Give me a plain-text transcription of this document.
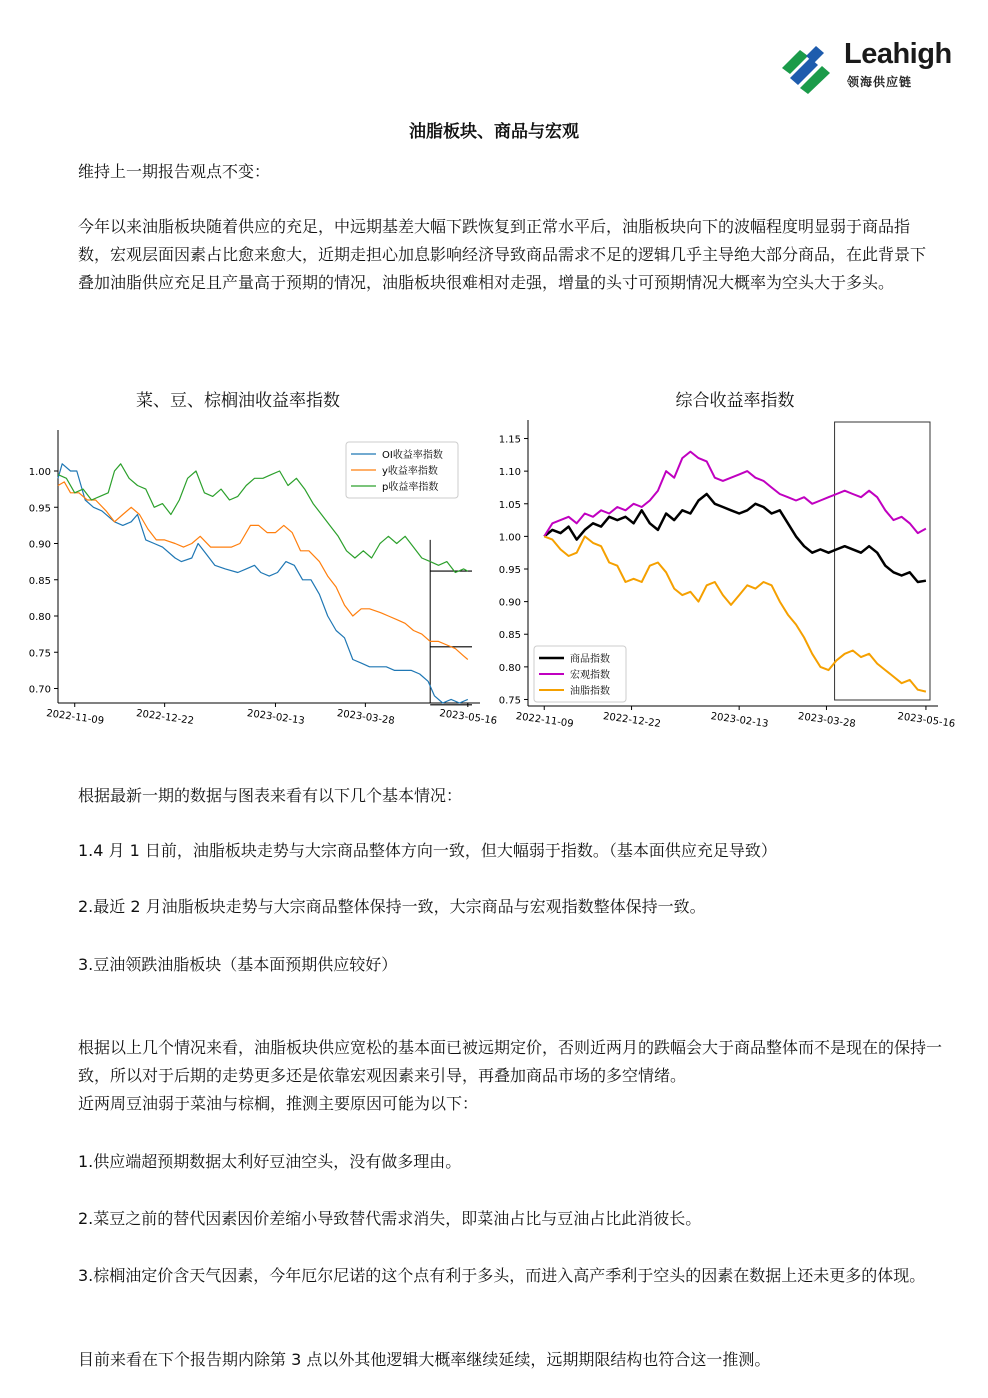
Leahigh
领海供应链
油脂板块、商品与宏观

维持上一期报告观点不变：

今年以来油脂板块随着供应的充足，中远期基差大幅下跌恢复到正常水平后，油脂板块向下的波幅程度明显弱于商品指数，宏观层面因素占比愈来愈大，近期走担心加息影响经济导致商品需求不足的逻辑几乎主导绝大部分商品，在此背景下叠加油脂供应充足且产量高于预期的情况，油脂板块很难相对走强，增量的头寸可预期情况大概率为空头大于多头。

菜、豆、棕榈油收益率指数	综合收益率指数
0.70
0.75
0.80
0.85
0.90
0.95
1.00
2022-11-09	2022-12-22	2023-02-13	2023-03-28	2023-05-16
OI收益率指数
y收益率指数
p收益率指数
0.75
0.80
0.85
0.90
0.95
1.00
1.05
1.10
1.15
2022-11-09	2022-12-22	2023-02-13	2023-03-28	2023-05-16
商品指数
宏观指数
油脂指数

根据最新一期的数据与图表来看有以下几个基本情况：

1.4 月 1 日前，油脂板块走势与大宗商品整体方向一致，但大幅弱于指数。（基本面供应充足导致）

2.最近 2 月油脂板块走势与大宗商品整体保持一致，大宗商品与宏观指数整体保持一致。

3.豆油领跌油脂板块（基本面预期供应较好）

根据以上几个情况来看，油脂板块供应宽松的基本面已被远期定价，否则近两月的跌幅会大于商品整体而不是现在的保持一致，所以对于后期的走势更多还是依靠宏观因素来引导，再叠加商品市场的多空情绪。

近两周豆油弱于菜油与棕榈，推测主要原因可能为以下：

1.供应端超预期数据太利好豆油空头，没有做多理由。

2.菜豆之前的替代因素因价差缩小导致替代需求消失，即菜油占比与豆油占比此消彼长。

3.棕榈油定价含天气因素，今年厄尔尼诺的这个点有利于多头，而进入高产季利于空头的因素在数据上还未更多的体现。

目前来看在下个报告期内除第 3 点以外其他逻辑大概率继续延续，远期期限结构也符合这一推测。
